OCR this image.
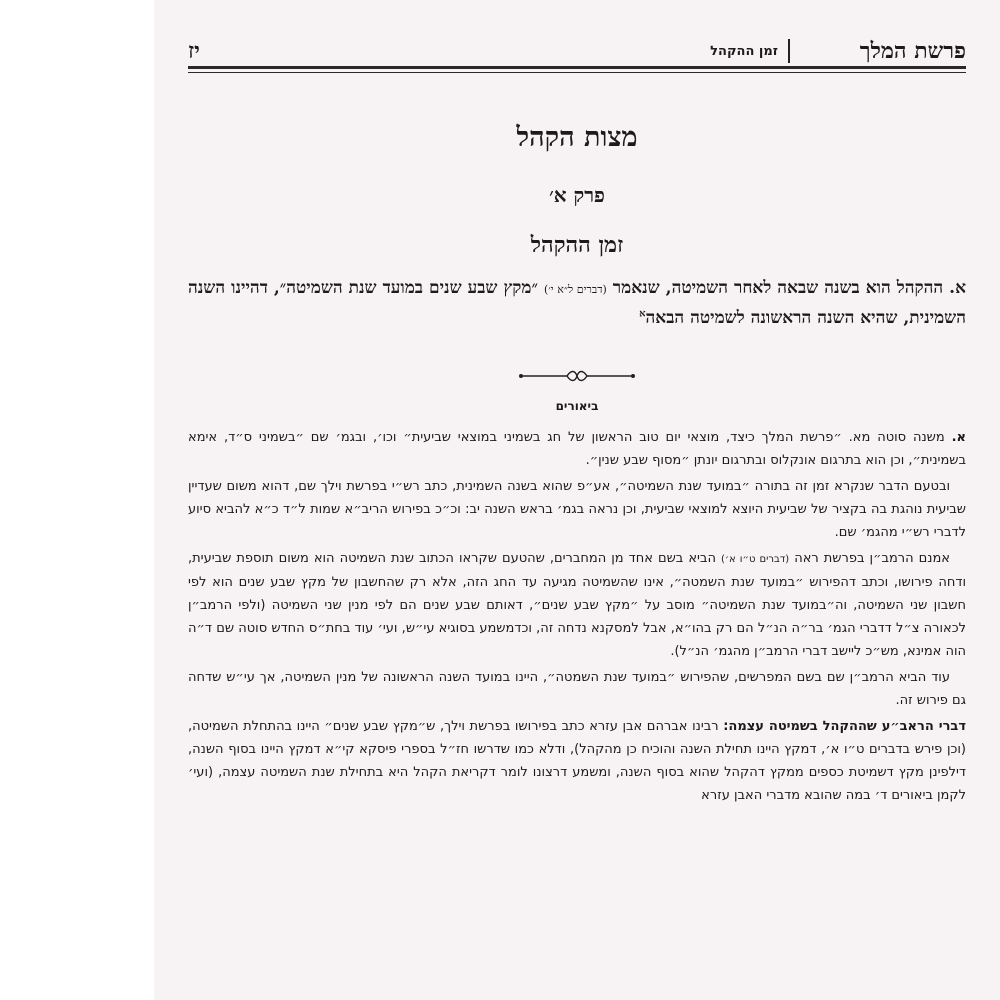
פרשת המלך
זמן ההקהל
יז
מצות הקהל
פרק א׳
זמן ההקהל
א. ההקהל הוא בשנה שבאה לאחר השמיטה, שנאמר (דברים ל״א י׳) ״מקץ שבע שנים במועד שנת השמיטה״, דהיינו השנה השמינית, שהיא השנה הראשונה לשמיטה הבאה$^א$
ביאורים

א. משנה סוטה מא. ״פרשת המלך כיצד, מוצאי יום טוב הראשון של חג בשמיני במוצאי שביעית״ וכו׳, ובגמ׳ שם ״בשמיני ס״ד, אימא בשמינית״, וכן הוא בתרגום אונקלוס ובתרגום יונתן ״מסוף שבע שנין״.

ובטעם הדבר שנקרא זמן זה בתורה ״במועד שנת השמיטה״, אע״פ שהוא בשנה השמינית, כתב רש״י בפרשת וילך שם, דהוא משום שעדיין שביעית נוהגת בה בקציר של שביעית היוצא למוצאי שביעית, וכן נראה בגמ׳ בראש השנה יב: וכ״כ בפירוש הריב״א שמות ל״ד כ״א להביא סיוע לדברי רש״י מהגמ׳ שם.

אמנם הרמב״ן בפרשת ראה (דברים ט״ו א׳) הביא בשם אחד מן המחברים, שהטעם שקראו הכתוב שנת השמיטה הוא משום תוספת שביעית, ודחה פירושו, וכתב דהפירוש ״במועד שנת השמטה״, אינו שהשמיטה מגיעה עד החג הזה, אלא רק שהחשבון של מקץ שבע שנים הוא לפי חשבון שני השמיטה, וה״במועד שנת השמיטה״ מוסב על ״מקץ שבע שנים״, דאותם שבע שנים הם לפי מנין שני השמיטה (ולפי הרמב״ן לכאורה צ״ל דדברי הגמ׳ בר״ה הנ״ל הם רק בהו״א, אבל למסקנא נדחה זה, וכדמשמע בסוגיא עי״ש, ועי׳ עוד בחת״ס החדש סוטה שם ד״ה הוה אמינא, מש״כ ליישב דברי הרמב״ן מהגמ׳ הנ״ל).

עוד הביא הרמב״ן שם בשם המפרשים, שהפירוש ״במועד שנת השמטה״, היינו במועד השנה הראשונה של מנין השמיטה, אך עי״ש שדחה גם פירוש זה.

דברי הראב״ע שההקהל בשמיטה עצמה: רבינו אברהם אבן עזרא כתב בפירושו בפרשת וילך, ש״מקץ שבע שנים״ היינו בהתחלת השמיטה, (וכן פירש בדברים ט״ו א׳, דמקץ היינו תחילת השנה והוכיח כן מהקהל), ודלא כמו שדרשו חז״ל בספרי פיסקא קי״א דמקץ היינו בסוף השנה, דילפינן מקץ דשמיטת כספים ממקץ דהקהל שהוא בסוף השנה, ומשמע דרצונו לומר דקריאת הקהל היא בתחילת שנת השמיטה עצמה, (ועי׳ לקמן ביאורים ד׳ במה שהובא מדברי האבן עזרא
